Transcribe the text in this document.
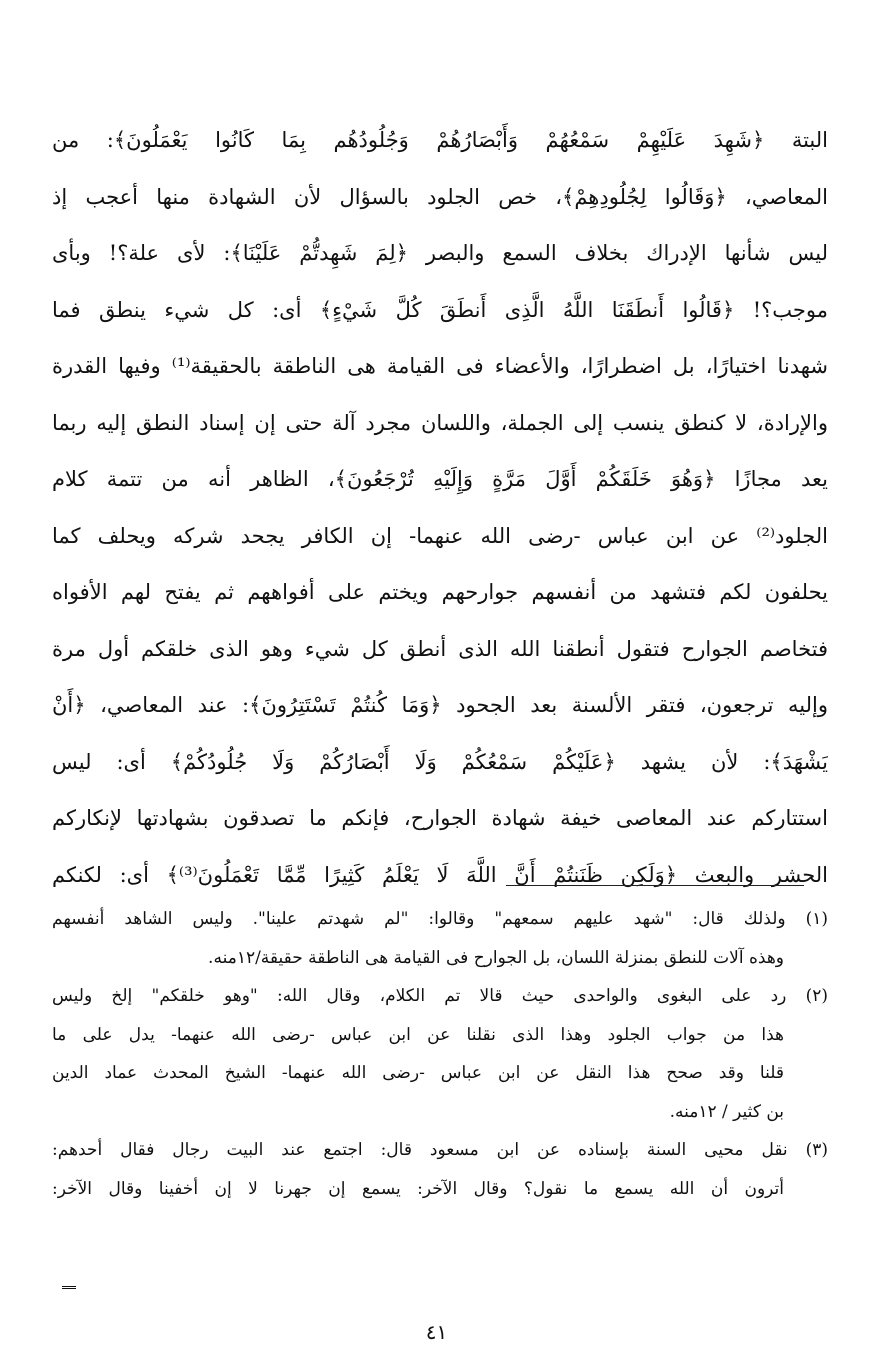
البتة ﴿شَهِدَ عَلَيْهِمْ سَمْعُهُمْ وَأَبْصَارُهُمْ وَجُلُودُهُم بِمَا كَانُوا يَعْمَلُونَ﴾: من
المعاصي، ﴿وَقَالُوا لِجُلُودِهِمْ﴾، خص الجلود بالسؤال لأن الشهادة منها أعجب إذ
ليس شأنها الإدراك بخلاف السمع والبصر ﴿لِمَ شَهِدتُّمْ عَلَيْنَا﴾: لأى علة؟! وبأى
موجب؟! ﴿قَالُوا أَنطَقَنَا اللَّهُ الَّذِى أَنطَقَ كُلَّ شَيْءٍ﴾ أى: كل شيء ينطق فما
شهدنا اختيارًا، بل اضطرارًا، والأعضاء فى القيامة هى الناطقة بالحقيقة⁽¹⁾ وفيها القدرة
والإرادة، لا كنطق ينسب إلى الجملة، واللسان مجرد آلة حتى إن إسناد النطق إليه ربما
يعد مجازًا ﴿وَهُوَ خَلَقَكُمْ أَوَّلَ مَرَّةٍ وَإِلَيْهِ تُرْجَعُونَ﴾، الظاهر أنه من تتمة كلام
الجلود⁽²⁾ عن ابن عباس -رضى الله عنهما- إن الكافر يجحد شركه ويحلف كما
يحلفون لكم فتشهد من أنفسهم جوارحهم ويختم على أفواههم ثم يفتح لهم الأفواه
فتخاصم الجوارح فتقول أنطقنا الله الذى أنطق كل شيء وهو الذى خلقكم أول مرة
وإليه ترجعون، فتقر الألسنة بعد الجحود ﴿وَمَا كُنتُمْ تَسْتَتِرُونَ﴾: عند المعاصي، ﴿أَنْ
يَشْهَدَ﴾: لأن يشهد ﴿عَلَيْكُمْ سَمْعُكُمْ وَلَا أَبْصَارُكُمْ وَلَا جُلُودُكُمْ﴾ أى: ليس
استتاركم عند المعاصى خيفة شهادة الجوارح، فإنكم ما تصدقون بشهادتها لإنكاركم
الحشر والبعث ﴿وَلَكِن ظَنَنتُمْ أَنَّ اللَّهَ لَا يَعْلَمُ كَثِيرًا مِّمَّا تَعْمَلُونَ⁽³⁾﴾ أى: لكنكم
(١) ولذلك قال: "شهد عليهم سمعهم" وقالوا: "لم شهدتم علينا". وليس الشاهد أنفسهم
وهذه آلات للنطق بمنزلة اللسان، بل الجوارح فى القيامة هى الناطقة حقيقة/١٢منه.
(٢) رد على البغوى والواحدى حيث قالا تم الكلام، وقال الله: "وهو خلقكم" إلخ وليس
هذا من جواب الجلود وهذا الذى نقلنا عن ابن عباس -رضى الله عنهما- يدل على ما
قلنا وقد صحح هذا النقل عن ابن عباس -رضى الله عنهما- الشيخ المحدث عماد الدين
بن كثير / ١٢منه.
(٣) نقل محيى السنة بإسناده عن ابن مسعود قال: اجتمع عند البيت رجال فقال أحدهم:
أترون أن الله يسمع ما نقول؟ وقال الآخر: يسمع إن جهرنا لا إن أخفينا وقال الآخر:
٤١
